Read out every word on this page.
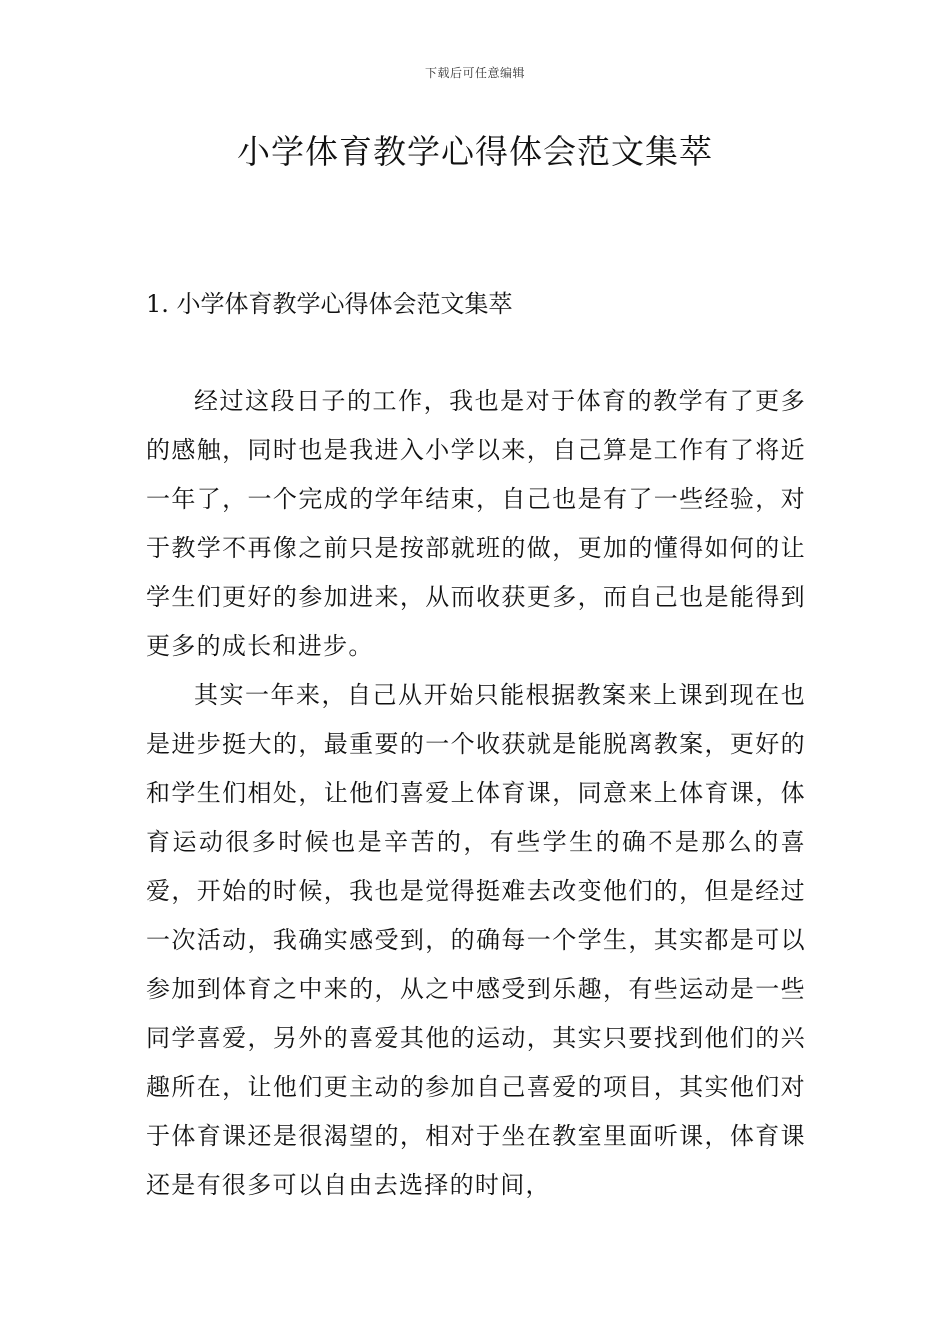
下载后可任意编辑
小学体育教学心得体会范文集萃
1. 小学体育教学心得体会范文集萃

经过这段日子的工作，我也是对于体育的教学有了更多的感触，同时也是我进入小学以来，自己算是工作有了将近一年了，一个完成的学年结束，自己也是有了一些经验，对于教学不再像之前只是按部就班的做，更加的懂得如何的让学生们更好的参加进来，从而收获更多，而自己也是能得到更多的成长和进步。

其实一年来，自己从开始只能根据教案来上课到现在也是进步挺大的，最重要的一个收获就是能脱离教案，更好的和学生们相处，让他们喜爱上体育课，同意来上体育课，体育运动很多时候也是辛苦的，有些学生的确不是那么的喜爱，开始的时候，我也是觉得挺难去改变他们的，但是经过一次活动，我确实感受到，的确每一个学生，其实都是可以参加到体育之中来的，从之中感受到乐趣，有些运动是一些同学喜爱，另外的喜爱其他的运动，其实只要找到他们的兴趣所在，让他们更主动的参加自己喜爱的项目，其实他们对于体育课还是很渴望的，相对于坐在教室里面听课，体育课还是有很多可以自由去选择的时间，
